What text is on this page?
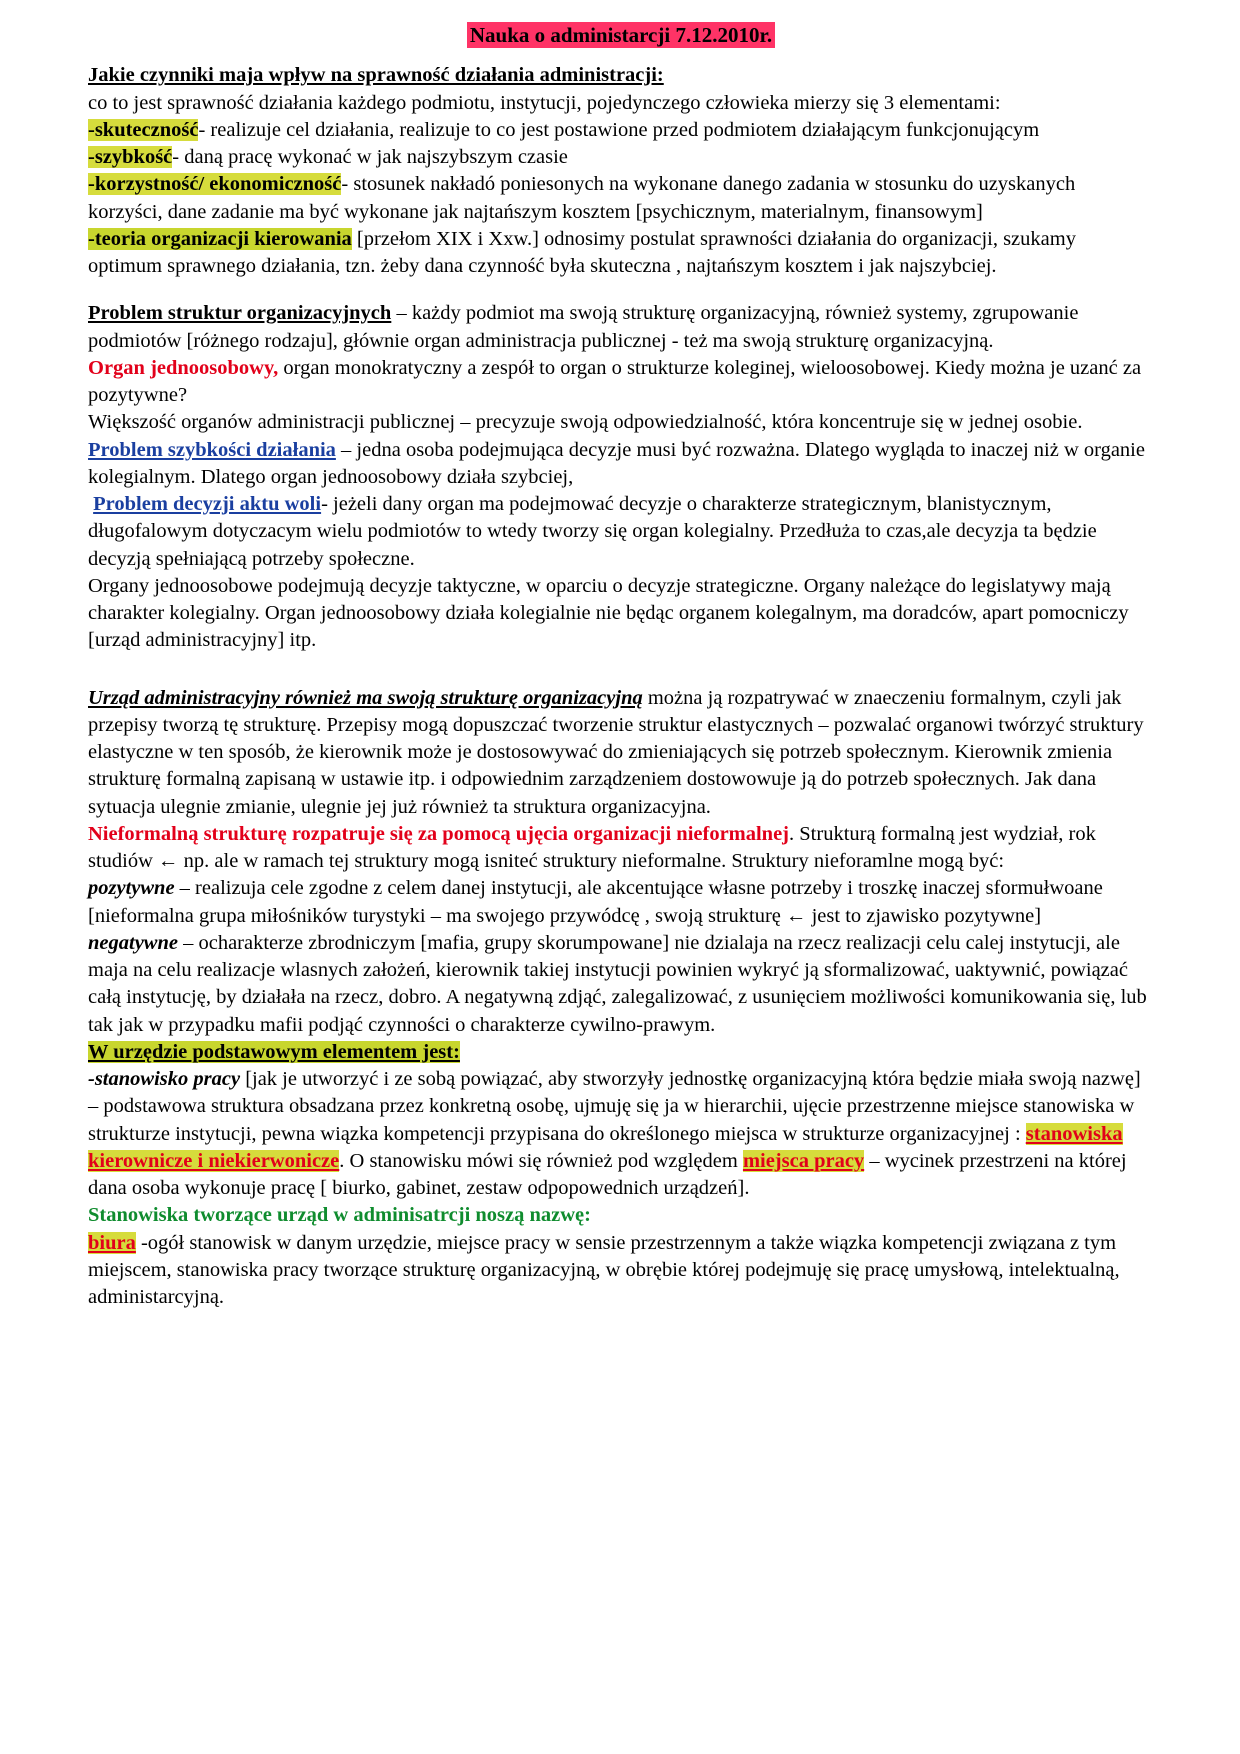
Nauka o administarcji 7.12.2010r.

Jakie czynniki maja wpływ na sprawność działania administracji:

co to jest sprawność działania każdego podmiotu, instytucji, pojedynczego człowieka mierzy się 3 elementami:

-skuteczność- realizuje cel działania, realizuje to co jest postawione przed podmiotem działającym funkcjonującym

-szybkość- daną pracę wykonać w jak najszybszym czasie

-korzystność/ ekonomiczność- stosunek nakładó poniesonych na wykonane danego zadania w stosunku do uzyskanych korzyści, dane zadanie ma być wykonane jak najtańszym kosztem [psychicznym, materialnym, finansowym]

-teoria organizacji kierowania [przełom XIX i Xxw.] odnosimy postulat sprawności działania do organizacji, szukamy optimum sprawnego działania, tzn. żeby dana czynność była skuteczna , najtańszym kosztem i jak najszybciej.

Problem struktur organizacyjnych – każdy podmiot ma swoją strukturę organizacyjną, również systemy, zgrupowanie podmiotów [różnego rodzaju], głównie organ administracja publicznej - też ma swoją strukturę organizacyjną.

Organ jednoosobowy, organ monokratyczny a zespół to organ o strukturze koleginej, wieloosobowej. Kiedy można je uzanć za pozytywne?

Większość organów administracji publicznej – precyzuje swoją odpowiedzialność, która koncentruje się w jednej osobie.

Problem szybkości działania – jedna osoba podejmująca decyzje musi być rozważna. Dlatego wygląda to inaczej niż w organie kolegialnym. Dlatego organ jednoosobowy działa szybciej,

Problem decyzji aktu woli- jeżeli dany organ ma podejmować decyzje o charakterze strategicznym, blanistycznym, długofalowym dotyczacym wielu podmiotów to wtedy tworzy się organ kolegialny. Przedłuża to czas,ale decyzja ta będzie decyzją spełniającą potrzeby społeczne.

Organy jednoosobowe podejmują decyzje taktyczne, w oparciu o decyzje strategiczne. Organy należące do legislatywy mają charakter kolegialny. Organ jednoosobowy działa kolegialnie nie będąc organem kolegalnym, ma doradców, apart pomocniczy [urząd administracyjny] itp.

Urząd administracyjny również ma swoją strukturę organizacyjną można ją rozpatrywać w znaeczeniu formalnym, czyli jak przepisy tworzą tę strukturę. Przepisy mogą dopuszczać tworzenie struktur elastycznych – pozwalać organowi twórzyć struktury elastyczne w ten sposób, że kierownik może je dostosowywać do zmieniających się potrzeb społecznym. Kierownik zmienia strukturę formalną zapisaną w ustawie itp. i odpowiednim zarządzeniem dostowowuje ją do potrzeb społecznych. Jak dana sytuacja ulegnie zmianie, ulegnie jej już również ta struktura organizacyjna.

Nieformalną strukturę rozpatruje się za pomocą ujęcia organizacji nieformalnej. Strukturą formalną jest wydział, rok studiów ← np. ale w ramach tej struktury mogą isniteć struktury nieformalne. Struktury nieforamlne mogą być:

pozytywne – realizuja cele zgodne z celem danej instytucji, ale akcentujące własne potrzeby i troszkę inaczej sformułwoane [nieformalna grupa miłośników turystyki – ma swojego przywódcę , swoją strukturę ← jest to zjawisko pozytywne]

negatywne – ocharakterze zbrodniczym [mafia, grupy skorumpowane] nie dzialaja na rzecz realizacji celu calej instytucji, ale maja na celu realizacje wlasnych założeń, kierownik takiej instytucji powinien wykryć ją sformalizować, uaktywnić, powiązać całą instytucję, by działała na rzecz, dobro. A negatywną zdjąć, zalegalizować, z usunięciem możliwości komunikowania się, lub tak jak w przypadku mafii podjąć czynności o charakterze cywilno-prawym.

W urzędzie podstawowym elementem jest:

-stanowisko pracy [jak je utworzyć i ze sobą powiązać, aby stworzyły jednostkę organizacyjną która będzie miała swoją nazwę] – podstawowa struktura obsadzana przez konkretną osobę, ujmuję się ja w hierarchii, ujęcie przestrzenne miejsce stanowiska w strukturze instytucji, pewna wiązka kompetencji przypisana do określonego miejsca w strukturze organizacyjnej : stanowiska kierownicze i niekierwonicze. O stanowisku mówi się również pod względem miejsca pracy – wycinek przestrzeni na której dana osoba wykonuje pracę [ biurko, gabinet, zestaw odpopowednich urządzeń].

Stanowiska tworzące urząd w adminisatrcji noszą nazwę:

biura -ogół stanowisk w danym urzędzie, miejsce pracy w sensie przestrzennym a także wiązka kompetencji związana z tym miejscem, stanowiska pracy tworzące strukturę organizacyjną, w obrębie której podejmuję się pracę umysłową, intelektualną, administarcyjną.
